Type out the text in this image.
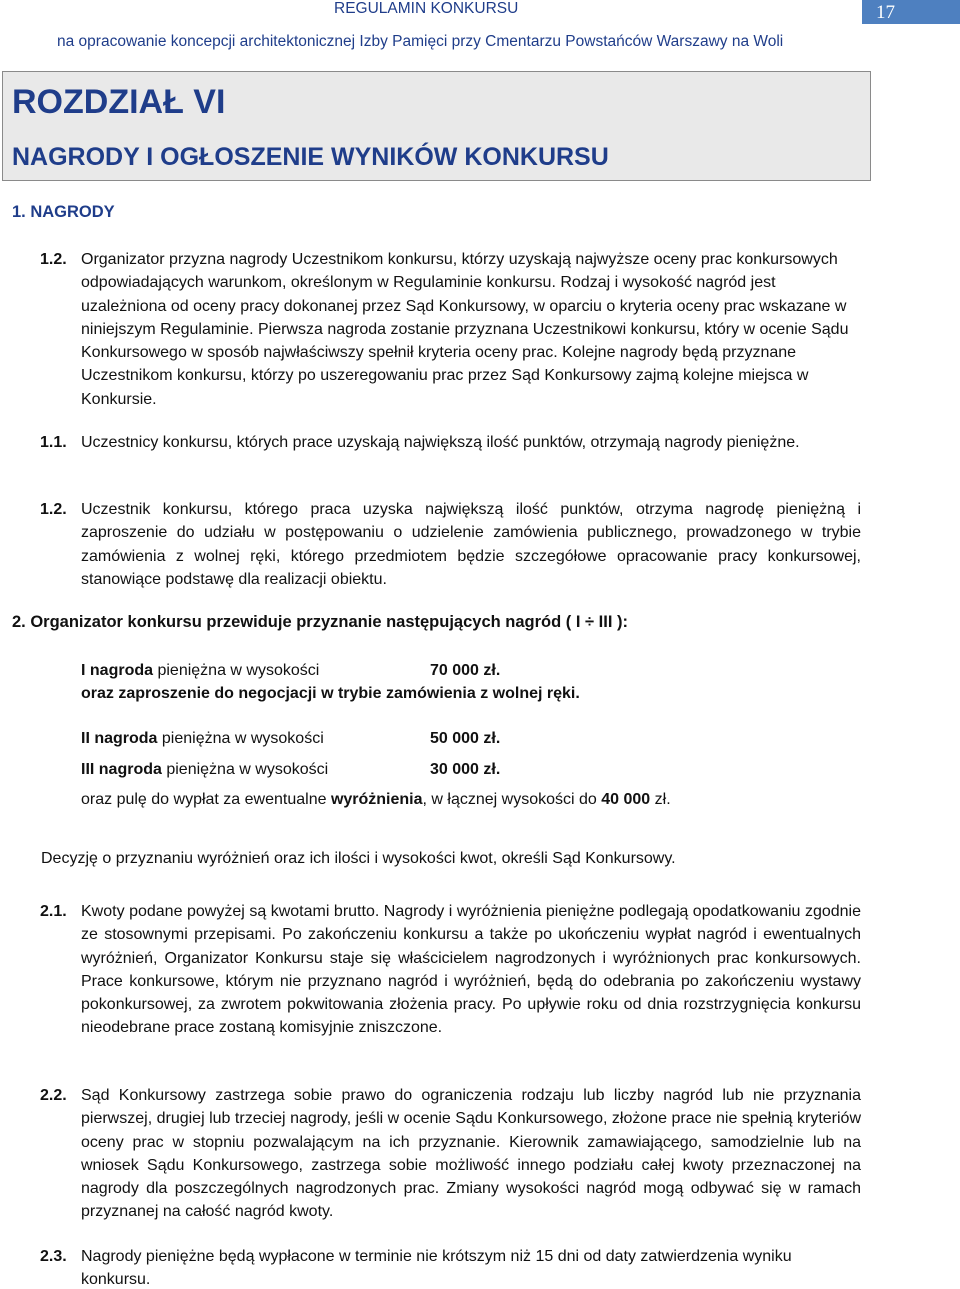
REGULAMIN KONKURSU
na opracowanie koncepcji architektonicznej Izby Pamięci przy Cmentarzu Powstańców Warszawy na Woli
17
ROZDZIAŁ VI
NAGRODY I OGŁOSZENIE WYNIKÓW KONKURSU
1. NAGRODY
1.2. Organizator przyzna nagrody Uczestnikom konkursu, którzy uzyskają najwyższe oceny prac konkursowych odpowiadających warunkom, określonym w Regulaminie konkursu. Rodzaj i wysokość nagród jest uzależniona od oceny pracy dokonanej przez Sąd Konkursowy, w oparciu o kryteria oceny prac wskazane w niniejszym Regulaminie. Pierwsza nagroda zostanie przyznana Uczestnikowi konkursu, który w ocenie Sądu Konkursowego w sposób najwłaściwszy spełnił kryteria oceny prac. Kolejne nagrody będą przyznane Uczestnikom konkursu, którzy po uszeregowaniu prac przez Sąd Konkursowy zajmą kolejne miejsca w Konkursie.
1.1. Uczestnicy konkursu, których prace uzyskają największą ilość punktów, otrzymają nagrody pieniężne.
1.2. Uczestnik konkursu, którego praca uzyska największą ilość punktów, otrzyma nagrodę pieniężną i zaproszenie do udziału w postępowaniu o udzielenie zamówienia publicznego, prowadzonego w trybie zamówienia z wolnej ręki, którego przedmiotem będzie szczegółowe opracowanie pracy konkursowej, stanowiące podstawę dla realizacji obiektu.
2. Organizator konkursu przewiduje przyznanie następujących nagród ( I ÷ III ):
I nagroda pieniężna w wysokości	70 000 zł.
oraz zaproszenie do negocjacji w trybie zamówienia z wolnej ręki.
II nagroda pieniężna w wysokości	50 000 zł.
III nagroda pieniężna w wysokości	30 000 zł.
oraz pulę do wypłat za ewentualne wyróżnienia, w łącznej wysokości do 40 000 zł.
Decyzję o przyznaniu wyróżnień oraz ich ilości i wysokości kwot, określi Sąd Konkursowy.
2.1. Kwoty podane powyżej są kwotami brutto. Nagrody i wyróżnienia pieniężne podlegają opodatkowaniu zgodnie ze stosownymi przepisami. Po zakończeniu konkursu a także po ukończeniu wypłat nagród i ewentualnych wyróżnień, Organizator Konkursu staje się właścicielem nagrodzonych i wyróżnionych prac konkursowych. Prace konkursowe, którym nie przyznano nagród i wyróżnień, będą do odebrania po zakończeniu wystawy pokonkursowej, za zwrotem pokwitowania złożenia pracy. Po upływie roku od dnia rozstrzygnięcia konkursu nieodebrane prace zostaną komisyjnie zniszczone.
2.2. Sąd Konkursowy zastrzega sobie prawo do ograniczenia rodzaju lub liczby nagród lub nie przyznania pierwszej, drugiej lub trzeciej nagrody, jeśli w ocenie Sądu Konkursowego, złożone prace nie spełnią kryteriów oceny prac w stopniu pozwalającym na ich przyznanie. Kierownik zamawiającego, samodzielnie lub na wniosek Sądu Konkursowego, zastrzega sobie możliwość innego podziału całej kwoty przeznaczonej na nagrody dla poszczególnych nagrodzonych prac. Zmiany wysokości nagród mogą odbywać się w ramach przyznanej na całość nagród kwoty.
2.3. Nagrody pieniężne będą wypłacone w terminie nie krótszym niż 15 dni od daty zatwierdzenia wyniku konkursu.
